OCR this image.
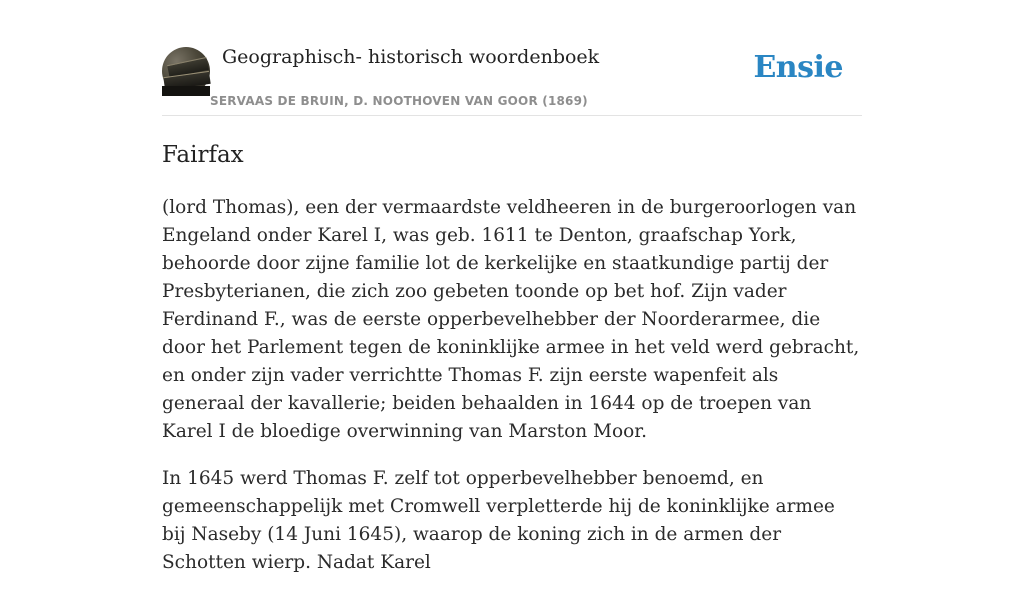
Geographisch- historisch woordenboek
SERVAAS DE BRUIN, D. NOOTHOVEN VAN GOOR (1869)
Ensie
Fairfax

(lord Thomas), een der vermaardste veldheeren in de burgeroorlogen van Engeland onder Karel I, was geb. 1611 te Denton, graafschap York, behoorde door zijne familie lot de kerkelijke en staatkundige partij der Presbyterianen, die zich zoo gebeten toonde op bet hof. Zijn vader Ferdinand F., was de eerste opperbevelhebber der Noorderarmee, die door het Parlement tegen de koninklijke armee in het veld werd gebracht, en onder zijn vader verrichtte Thomas F. zijn eerste wapenfeit als generaal der kavallerie; beiden behaalden in 1644 op de troepen van Karel I de bloedige overwinning van Marston Moor.

In 1645 werd Thomas F. zelf tot opperbevelhebber benoemd, en gemeenschappelijk met Cromwell verpletterde hij de koninklijke armee bij Naseby (14 Juni 1645), waarop de koning zich in de armen der Schotten wierp. Nadat Karel
